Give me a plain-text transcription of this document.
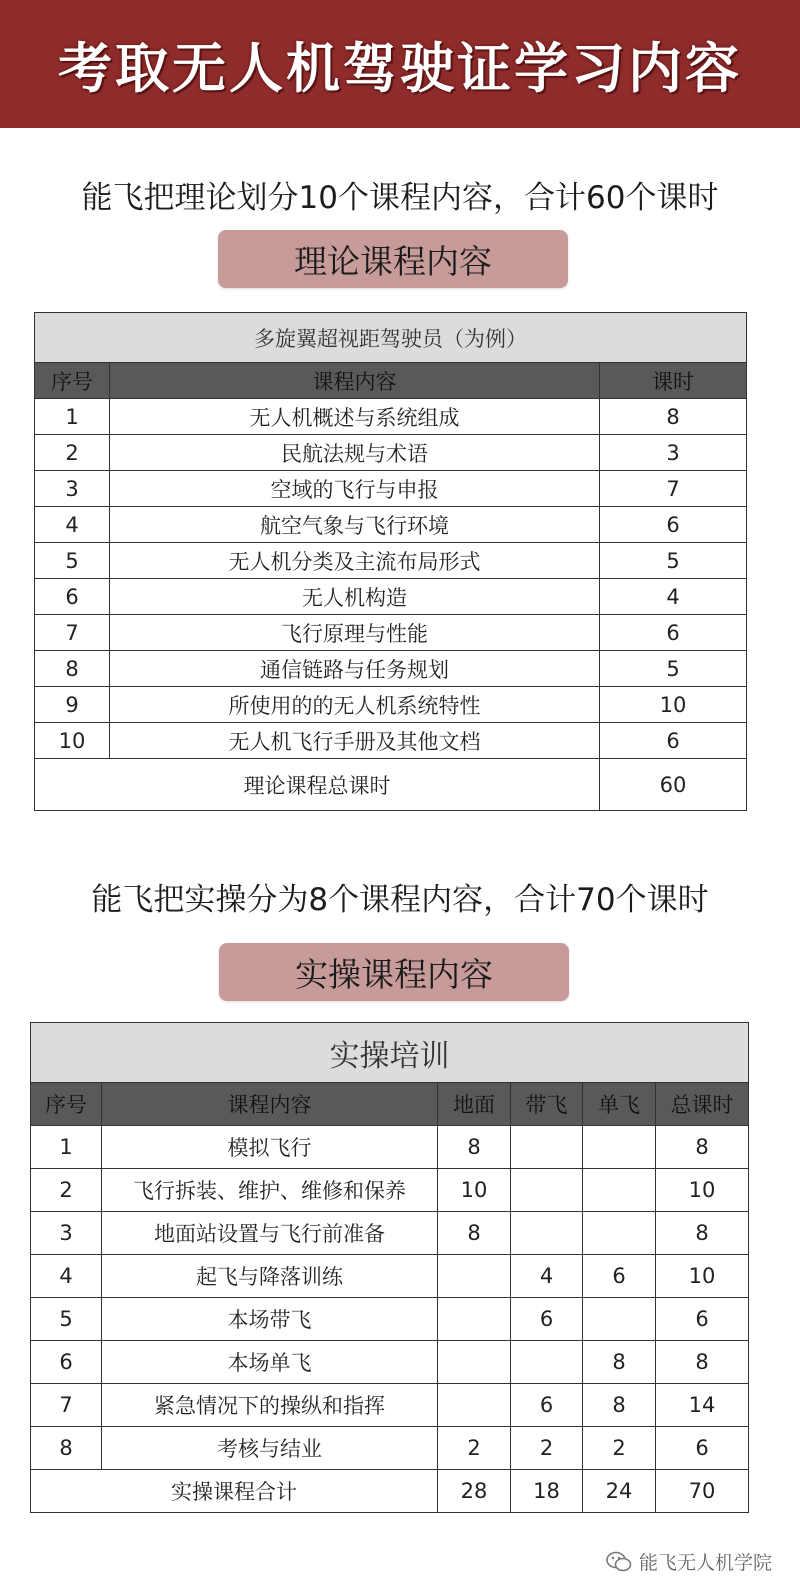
考取无人机驾驶证学习内容
能飞把理论划分10个课程内容，合计60个课时
理论课程内容
多旋翼超视距驾驶员（为例）		
序号	课程内容	课时
1	无人机概述与系统组成	8
2	民航法规与术语	3
3	空域的飞行与申报	7
4	航空气象与飞行环境	6
5	无人机分类及主流布局形式	5
6	无人机构造	4
7	飞行原理与性能	6
8	通信链路与任务规划	5
9	所使用的的无人机系统特性	10
10	无人机飞行手册及其他文档	6
理论课程总课时		60
能飞把实操分为8个课程内容，合计70个课时
实操课程内容
实操培训					
序号	课程内容	地面	带飞	单飞	总课时
1	模拟飞行	8			8
2	飞行拆装、维护、维修和保养	10			10
3	地面站设置与飞行前准备	8			8
4	起飞与降落训练		4	6	10
5	本场带飞		6		6
6	本场单飞			8	8
7	紧急情况下的操纵和指挥		6	8	14
8	考核与结业	2	2	2	6
实操课程合计		28	18	24	70
能飞无人机学院
